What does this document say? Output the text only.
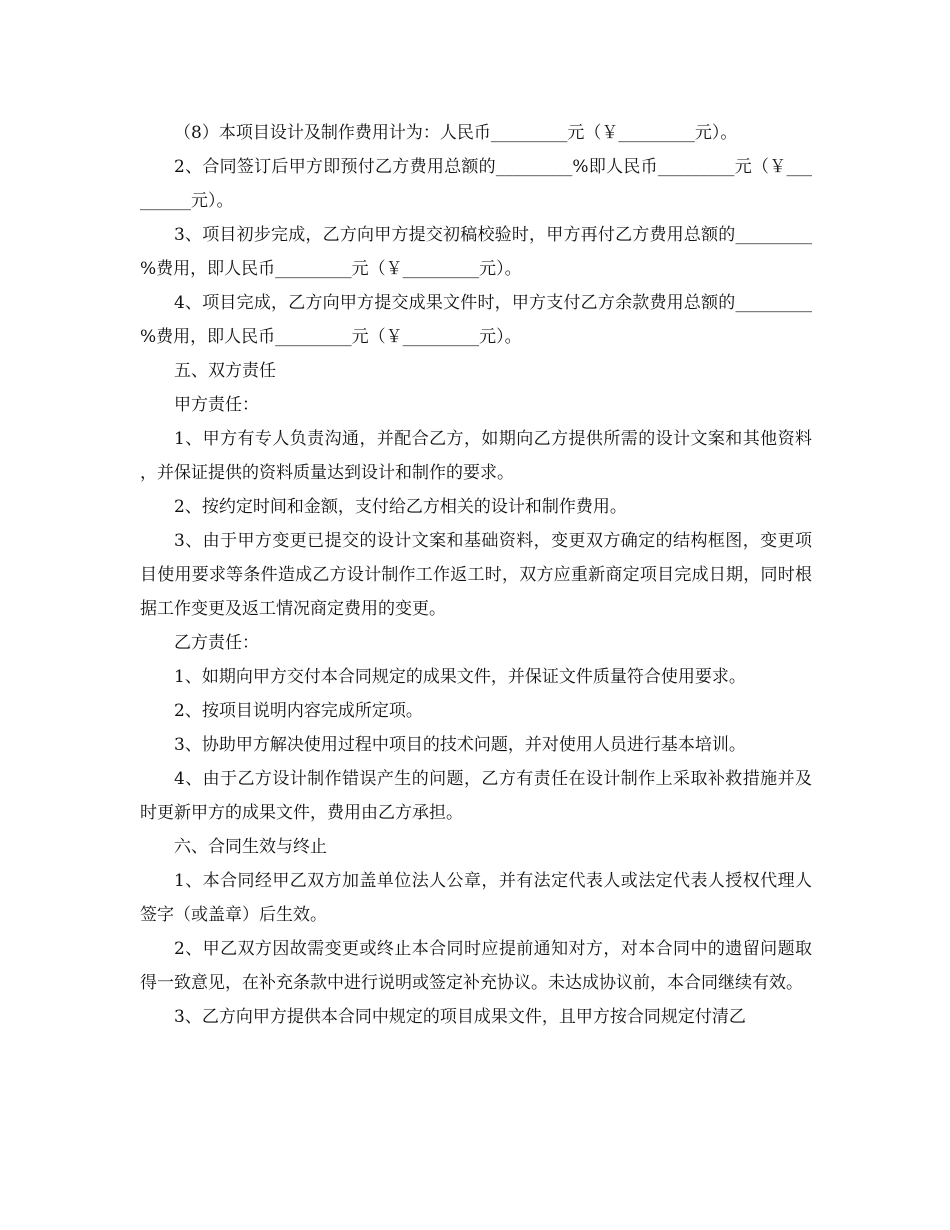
（8）本项目设计及制作费用计为：人民币_________元（￥_________元）。

2、合同签订后甲方即预付乙方费用总额的_________%即人民币_________元（￥_________元）。

3、项目初步完成，乙方向甲方提交初稿校验时，甲方再付乙方费用总额的_________%费用，即人民币_________元（￥_________元）。

4、项目完成，乙方向甲方提交成果文件时，甲方支付乙方余款费用总额的_________%费用，即人民币_________元（￥_________元）。

五、双方责任

甲方责任：

1、甲方有专人负责沟通，并配合乙方，如期向乙方提供所需的设计文案和其他资料，并保证提供的资料质量达到设计和制作的要求。

2、按约定时间和金额，支付给乙方相关的设计和制作费用。

3、由于甲方变更已提交的设计文案和基础资料，变更双方确定的结构框图，变更项目使用要求等条件造成乙方设计制作工作返工时，双方应重新商定项目完成日期，同时根据工作变更及返工情况商定费用的变更。

乙方责任：

1、如期向甲方交付本合同规定的成果文件，并保证文件质量符合使用要求。

2、按项目说明内容完成所定项。

3、协助甲方解决使用过程中项目的技术问题，并对使用人员进行基本培训。

4、由于乙方设计制作错误产生的问题，乙方有责任在设计制作上采取补救措施并及时更新甲方的成果文件，费用由乙方承担。

六、合同生效与终止

1、本合同经甲乙双方加盖单位法人公章，并有法定代表人或法定代表人授权代理人签字（或盖章）后生效。

2、甲乙双方因故需变更或终止本合同时应提前通知对方，对本合同中的遗留问题取得一致意见，在补充条款中进行说明或签定补充协议。未达成协议前，本合同继续有效。

3、乙方向甲方提供本合同中规定的项目成果文件，且甲方按合同规定付清乙
